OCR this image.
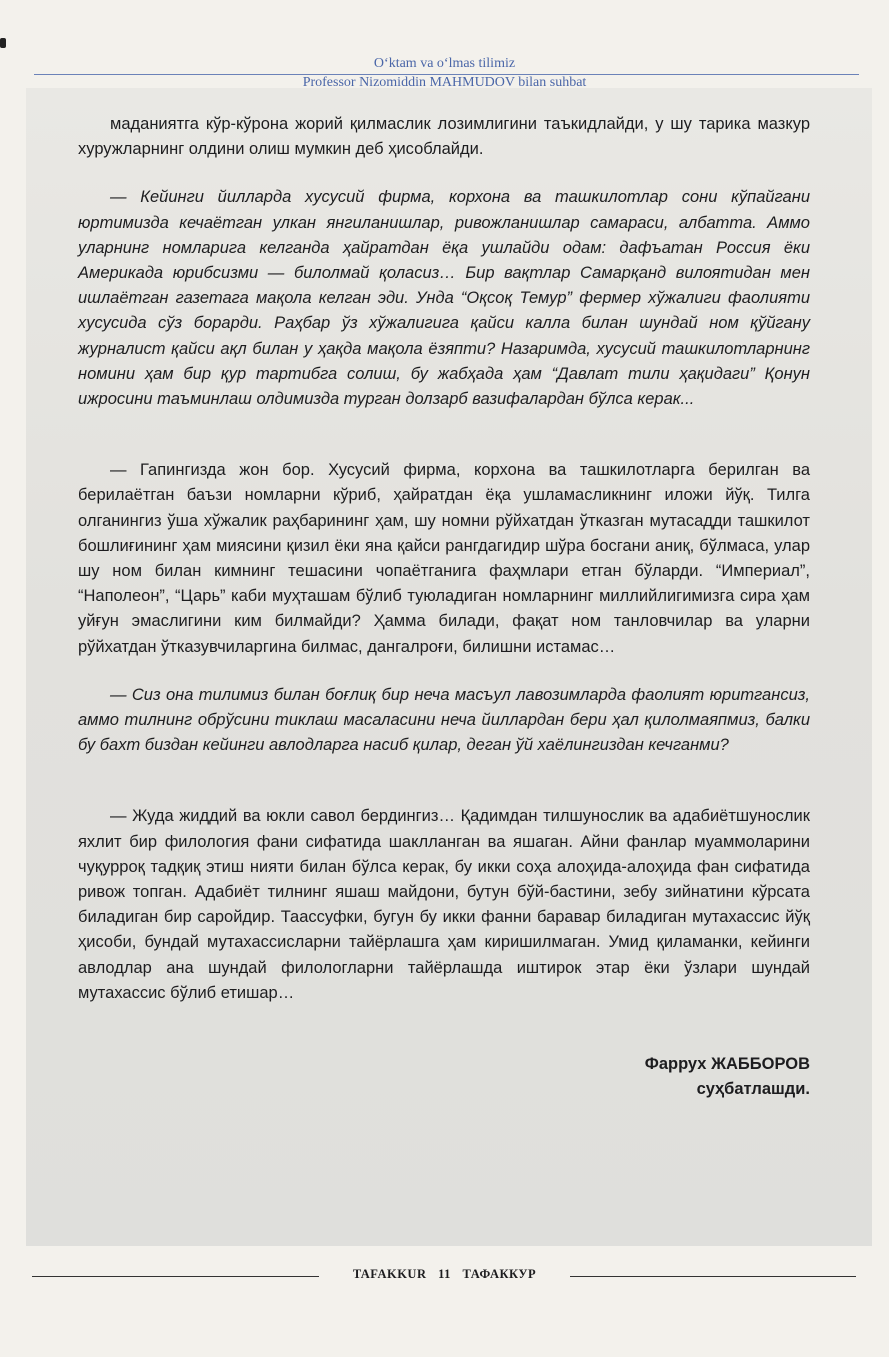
O‘ktam va o‘lmas tilimiz
Professor Nizomiddin MAHMUDOV bilan suhbat

маданиятга кўр-кўрона жорий қилмаслик лозимлигини таъкидлайди, у шу тарика мазкур хуружларнинг олдини олиш мумкин деб ҳисоблайди.

— Кейинги йилларда хусусий фирма, корхона ва ташкилотлар сони кўпайгани юртимизда кечаётган улкан янгиланишлар, ривожланишлар самараси, албатта. Аммо уларнинг номларига келганда ҳайратдан ёқа ушлайди одам: дафъатан Россия ёки Америкада юрибсизми — билолмай қоласиз… Бир вақтлар Самарқанд вилоятидан мен ишлаётган газетага мақола келган эди. Унда “Оқсоқ Темур” фермер хўжалиги фаолияти хусусида сўз борарди. Раҳбар ўз хўжалигига қайси калла билан шундай ном қўйгану журналист қайси ақл билан у ҳақда мақола ёзяпти? Назаримда, хусусий ташкилотларнинг номини ҳам бир қур тартибга солиш, бу жабҳада ҳам “Давлат тили ҳақидаги” Қонун ижросини таъминлаш олдимизда турган долзарб вазифалардан бўлса керак...

— Гапингизда жон бор. Хусусий фирма, корхона ва ташкилотларга берилган ва берилаётган баъзи номларни кўриб, ҳайратдан ёқа ушламасликнинг иложи йўқ. Тилга олганингиз ўша хўжалик раҳбарининг ҳам, шу номни рўйхатдан ўтказган мутасадди ташкилот бошлиғининг ҳам миясини қизил ёки яна қайси рангдагидир шўра босгани аниқ, бўлмаса, улар шу ном билан кимнинг тешасини чопаётганига фаҳмлари етган бўларди. “Империал”, “Наполеон”, “Царь” каби муҳташам бўлиб туюладиган номларнинг миллийлигимизга сира ҳам уйғун эмаслигини ким билмайди? Ҳамма билади, фақат ном танловчилар ва уларни рўйхатдан ўтказувчиларгина билмас, дангалроғи, билишни истамас…

— Сиз она тилимиз билан боғлиқ бир неча масъул лавозимларда фаолият юритгансиз, аммо тилнинг обрўсини тиклаш масаласини неча йиллардан бери ҳал қилолмаяпмиз, балки бу бахт биздан кейинги авлодларга насиб қилар, деган ўй хаёлингиздан кечганми?

— Жуда жиддий ва юкли савол бердингиз… Қадимдан тилшунослик ва адабиётшунослик яхлит бир филология фани сифатида шаклланган ва яшаган. Айни фанлар муаммоларини чуқурроқ тадқиқ этиш нияти билан бўлса керак, бу икки соҳа алоҳида-алоҳида фан сифатида ривож топган. Адабиёт тилнинг яшаш майдони, бутун бўй-бастини, зебу зийнатини кўрсата биладиган бир саройдир. Таассуфки, бугун бу икки фанни баравар биладиган мутахассис йўқ ҳисоби, бундай мутахассисларни тайёрлашга ҳам киришилмаган. Умид қиламанки, кейинги авлодлар ана шундай филологларни тайёрлашда иштирок этар ёки ўзлари шундай мутахассис бўлиб етишар…

Фаррух ЖАББОРОВ
суҳбатлашди.
TAFAKKUR 11 ТАФАККУР
